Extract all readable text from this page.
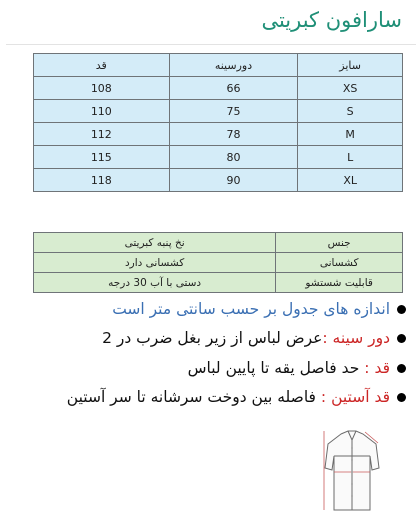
سارافون کبریتی
سایز	دورسینه	قد
XS	66	108
S	75	110
M	78	112
L	80	115
XL	90	118
جنس	نخ پنبه کبریتی
کشسانی	کشسانی دارد
قابلیت شستشو	دستی با آب 30 درجه
اندازه های جدول بر حسب سانتی متر است
دور سینه :عرض لباس از زیر بغل ضرب در 2
قد : حد فاصل یقه تا پایین لباس
قد آستین : فاصله بین دوخت سرشانه تا سر آستین
